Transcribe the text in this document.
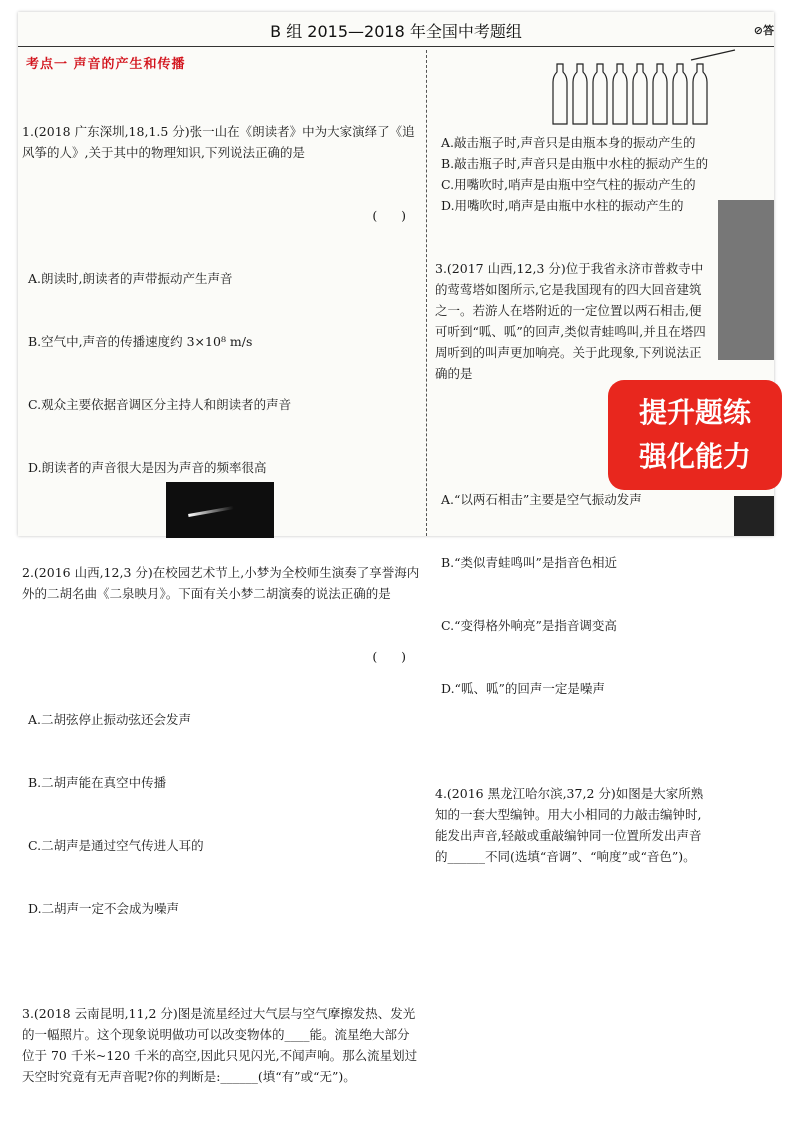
B 组 2015—2018 年全国中考题组	⊘答
考点一 声音的产生和传播

1.(2018 广东深圳,18,1.5 分)张一山在《朗读者》中为大家演绎了《追风筝的人》,关于其中的物理知识,下列说法正确的是

(      )

A.朗读时,朗读者的声带振动产生声音

B.空气中,声音的传播速度约 3×10⁸ m/s

C.观众主要依据音调区分主持人和朗读者的声音

D.朗读者的声音很大是因为声音的频率很高

2.(2016 山西,12,3 分)在校园艺术节上,小梦为全校师生演奏了享誉海内外的二胡名曲《二泉映月》。下面有关小梦二胡演奏的说法正确的是

(      )

A.二胡弦停止振动弦还会发声

B.二胡声能在真空中传播

C.二胡声是通过空气传进人耳的

D.二胡声一定不会成为噪声

3.(2018 云南昆明,11,2 分)图是流星经过大气层与空气摩擦发热、发光的一幅照片。这个现象说明做功可以改变物体的____能。流星绝大部分位于 70 千米~120 千米的高空,因此只见闪光,不闻声响。那么流星划过天空时究竟有无声音呢?你的判断是:______(填“有”或“无”)。

A.敲击瓶子时,声音只是由瓶本身的振动产生的
B.敲击瓶子时,声音只是由瓶中水柱的振动产生的
C.用嘴吹时,哨声是由瓶中空气柱的振动产生的
D.用嘴吹时,哨声是由瓶中水柱的振动产生的

3.(2017 山西,12,3 分)位于我省永济市普救寺中的莺莺塔如图所示,它是我国现有的四大回音建筑之一。若游人在塔附近的一定位置以两石相击,便可听到“呱、呱”的回声,类似青蛙鸣叫,并且在塔四周听到的叫声更加响亮。关于此现象,下列说法正确的是

A.“以两石相击”主要是空气振动发声

B.“类似青蛙鸣叫”是指音色相近

C.“变得格外响亮”是指音调变高

D.“呱、呱”的回声一定是噪声

4.(2016 黑龙江哈尔滨,37,2 分)如图是大家所熟知的一套大型编钟。用大小相同的力敲击编钟时,能发出声音,轻敲或重敲编钟同一位置所发出声音的______不同(选填“音调”、“响度”或“音色”)。

提升题练
强化能力
